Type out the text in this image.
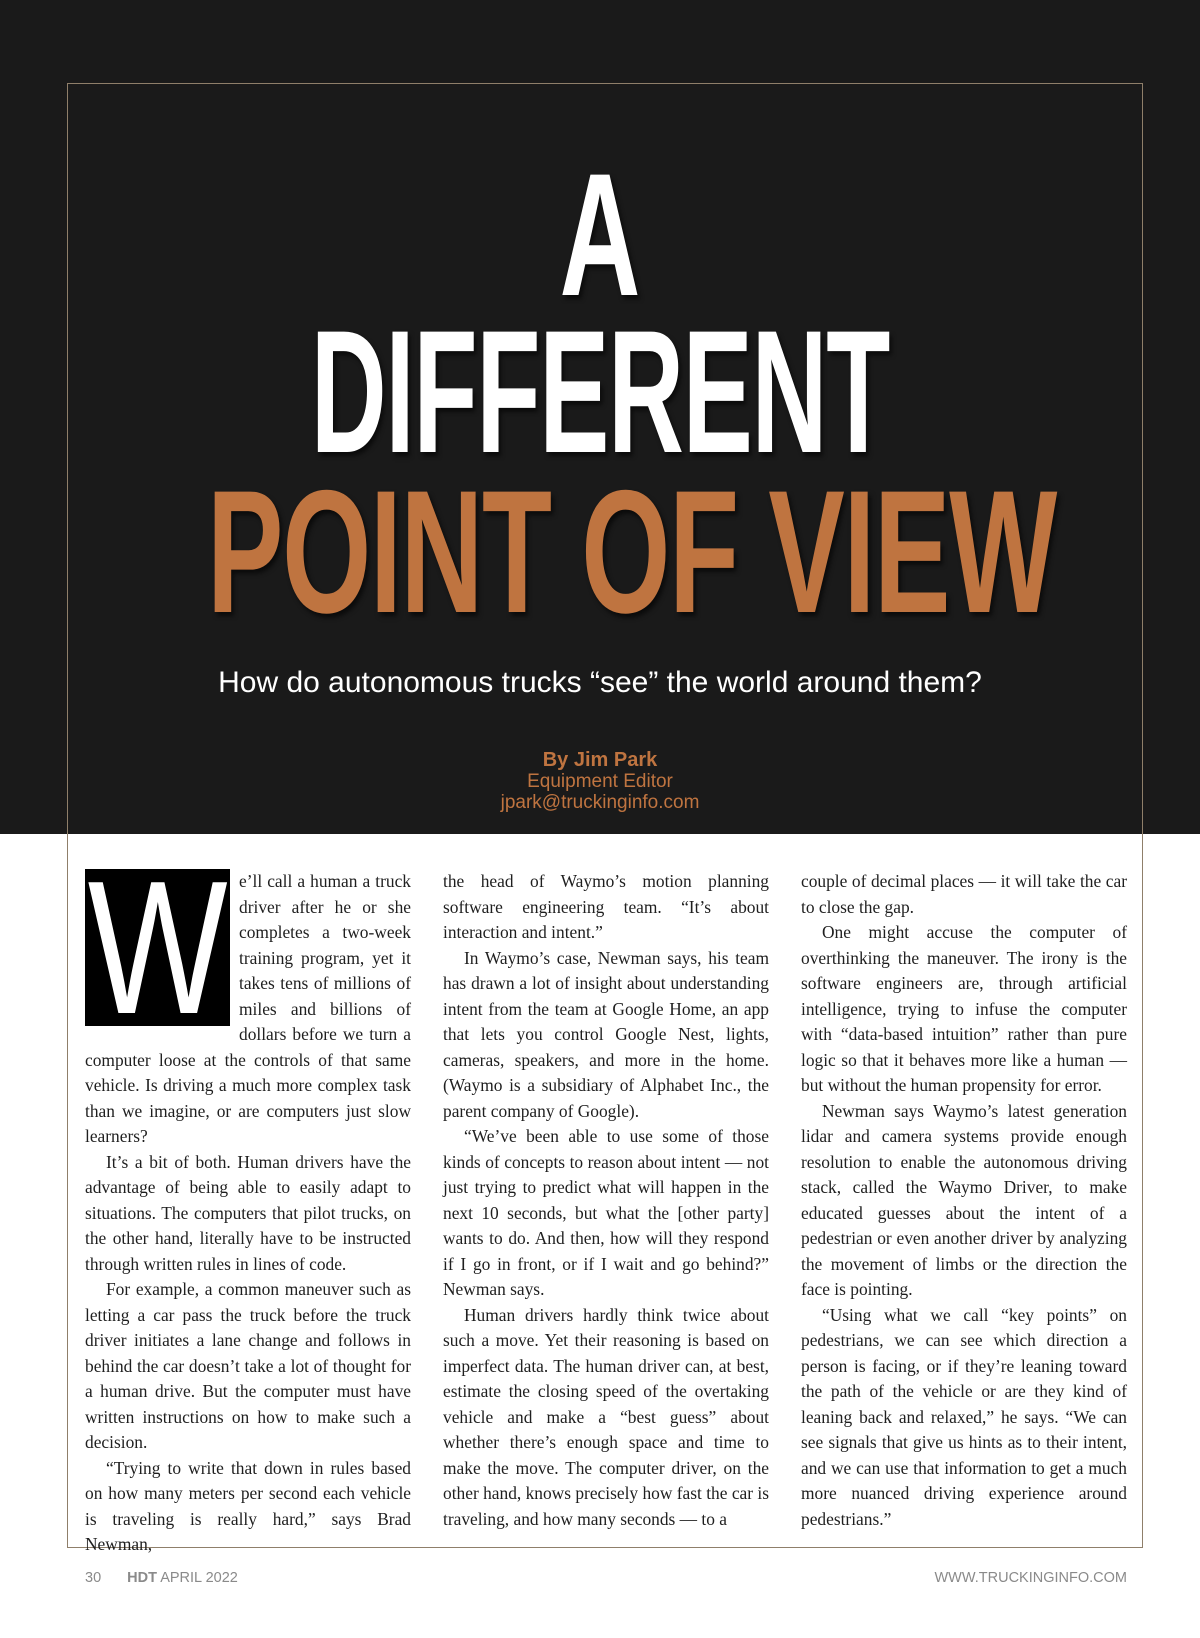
A
DIFFERENT
POINT OF VIEW
How do autonomous trucks “see” the world around them?
By Jim Park
Equipment Editor
jpark@truckinginfo.com
W e’ll call a human a truck driver after he or she completes a two-week training program, yet it takes tens of millions of miles and billions of dollars before we turn a computer loose at the controls of that same vehicle. Is driving a much more complex task than we imagine, or are computers just slow learners?

It’s a bit of both. Human drivers have the advantage of being able to easily adapt to situations. The computers that pilot trucks, on the other hand, literally have to be instructed through written rules in lines of code.

For example, a common maneuver such as letting a car pass the truck before the truck driver initiates a lane change and follows in behind the car doesn’t take a lot of thought for a human drive. But the computer must have written instructions on how to make such a decision.

“Trying to write that down in rules based on how many meters per second each vehicle is traveling is really hard,” says Brad Newman,

the head of Waymo’s motion planning software engineering team. “It’s about interaction and intent.”

In Waymo’s case, Newman says, his team has drawn a lot of insight about understanding intent from the team at Google Home, an app that lets you control Google Nest, lights, cameras, speakers, and more in the home. (Waymo is a subsidiary of Alphabet Inc., the parent company of Google).

“We’ve been able to use some of those kinds of concepts to reason about intent — not just trying to predict what will happen in the next 10 seconds, but what the [other party] wants to do. And then, how will they respond if I go in front, or if I wait and go behind?” Newman says.

Human drivers hardly think twice about such a move. Yet their reasoning is based on imperfect data. The human driver can, at best, estimate the closing speed of the overtaking vehicle and make a “best guess” about whether there’s enough space and time to make the move. The computer driver, on the other hand, knows precisely how fast the car is traveling, and how many seconds — to a

couple of decimal places — it will take the car to close the gap.

One might accuse the computer of overthinking the maneuver. The irony is the software engineers are, through artificial intelligence, trying to infuse the computer with “data-based intuition” rather than pure logic so that it behaves more like a human — but without the human propensity for error.

Newman says Waymo’s latest generation lidar and camera systems provide enough resolution to enable the autonomous driving stack, called the Waymo Driver, to make educated guesses about the intent of a pedestrian or even another driver by analyzing the movement of limbs or the direction the face is pointing.

“Using what we call “key points” on pedestrians, we can see which direction a person is facing, or if they’re leaning toward the path of the vehicle or are they kind of leaning back and relaxed,” he says. “We can see signals that give us hints as to their intent, and we can use that information to get a much more nuanced driving experience around pedestrians.”

30 HDT APRIL 2022	WWW.TRUCKINGINFO.COM
